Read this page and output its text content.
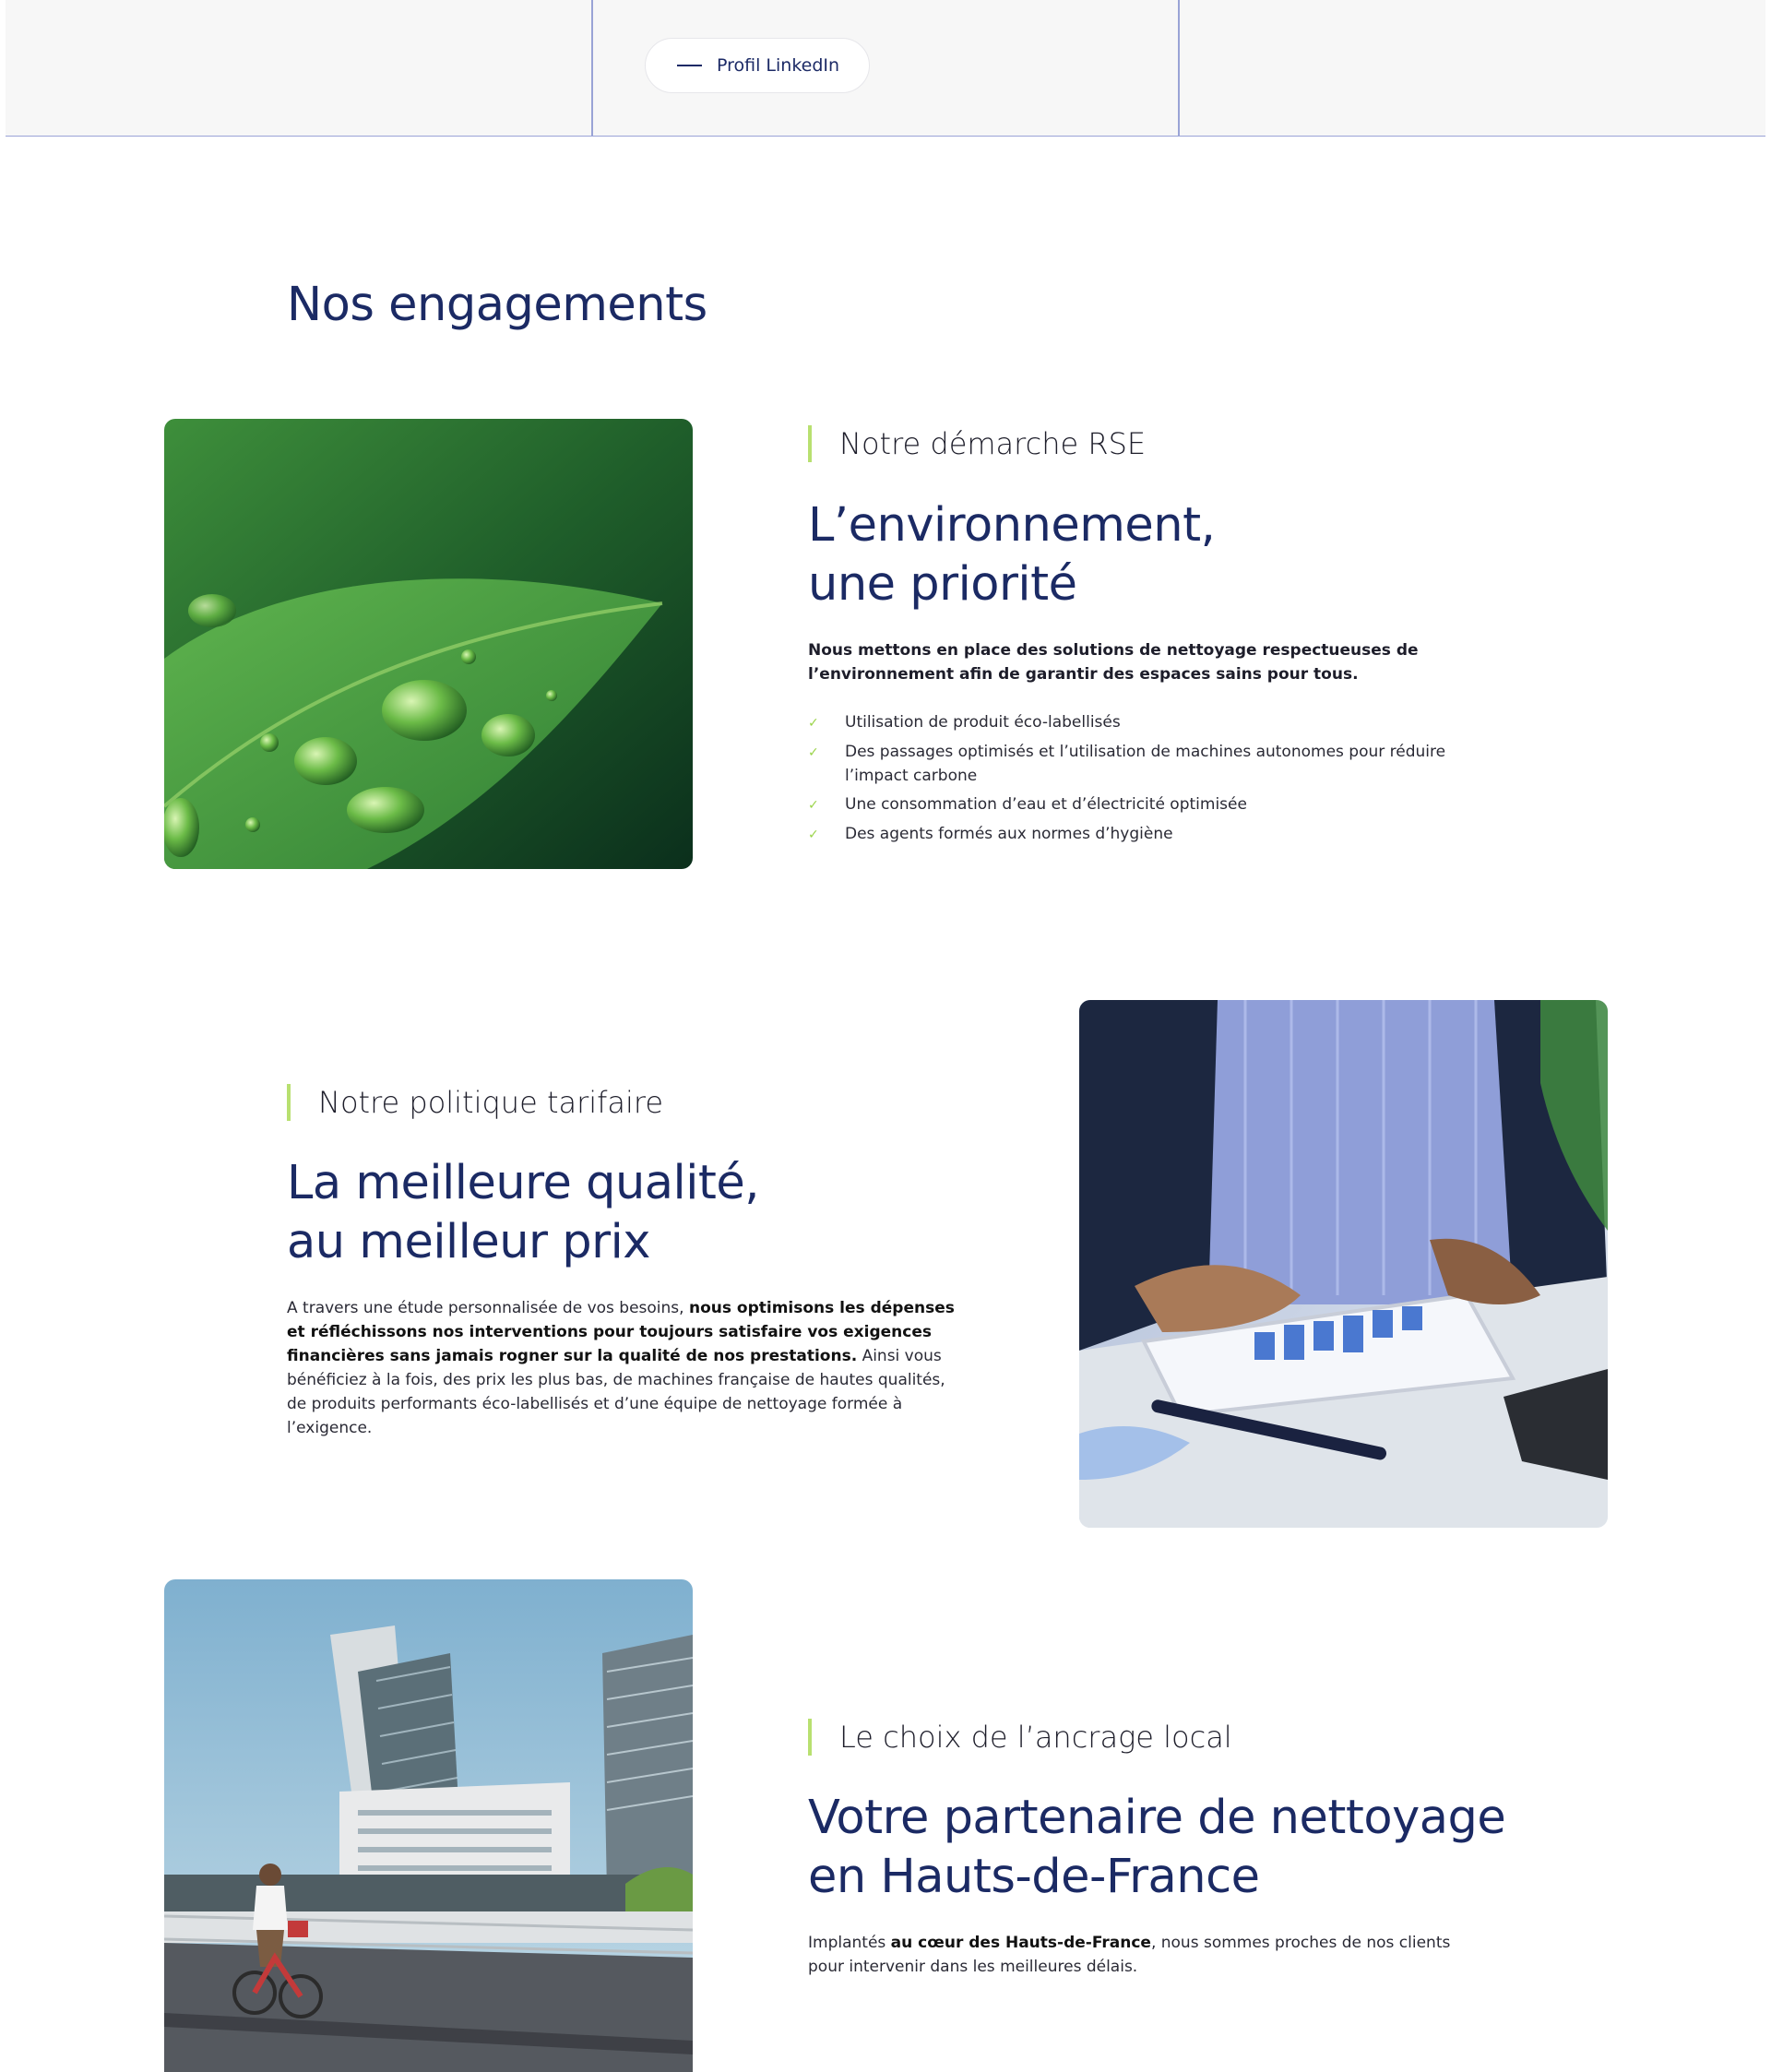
Profil LinkedIn
Nos engagements
Notre démarche RSE
L’environnement,
une priorité

Nous mettons en place des solutions de nettoyage respectueuses de l’environnement afin de garantir des espaces sains pour tous.

✓	Utilisation de produit éco-labellisés
✓	Des passages optimisés et l’utilisation de machines autonomes pour réduire l’impact carbone
✓	Une consommation d’eau et d’électricité optimisée
✓	Des agents formés aux normes d’hygiène
Notre politique tarifaire
La meilleure qualité,
au meilleur prix

A travers une étude personnalisée de vos besoins, nous optimisons les dépenses et réfléchissons nos interventions pour toujours satisfaire vos exigences financières sans jamais rogner sur la qualité de nos prestations. Ainsi vous bénéficiez à la fois, des prix les plus bas, de machines française de hautes qualités, de produits performants éco-labellisés et d’une équipe de nettoyage formée à l’exigence.

Le choix de l’ancrage local
Votre partenaire de nettoyage
en Hauts-de-France

Implantés au cœur des Hauts-de-France, nous sommes proches de nos clients pour intervenir dans les meilleures délais.
